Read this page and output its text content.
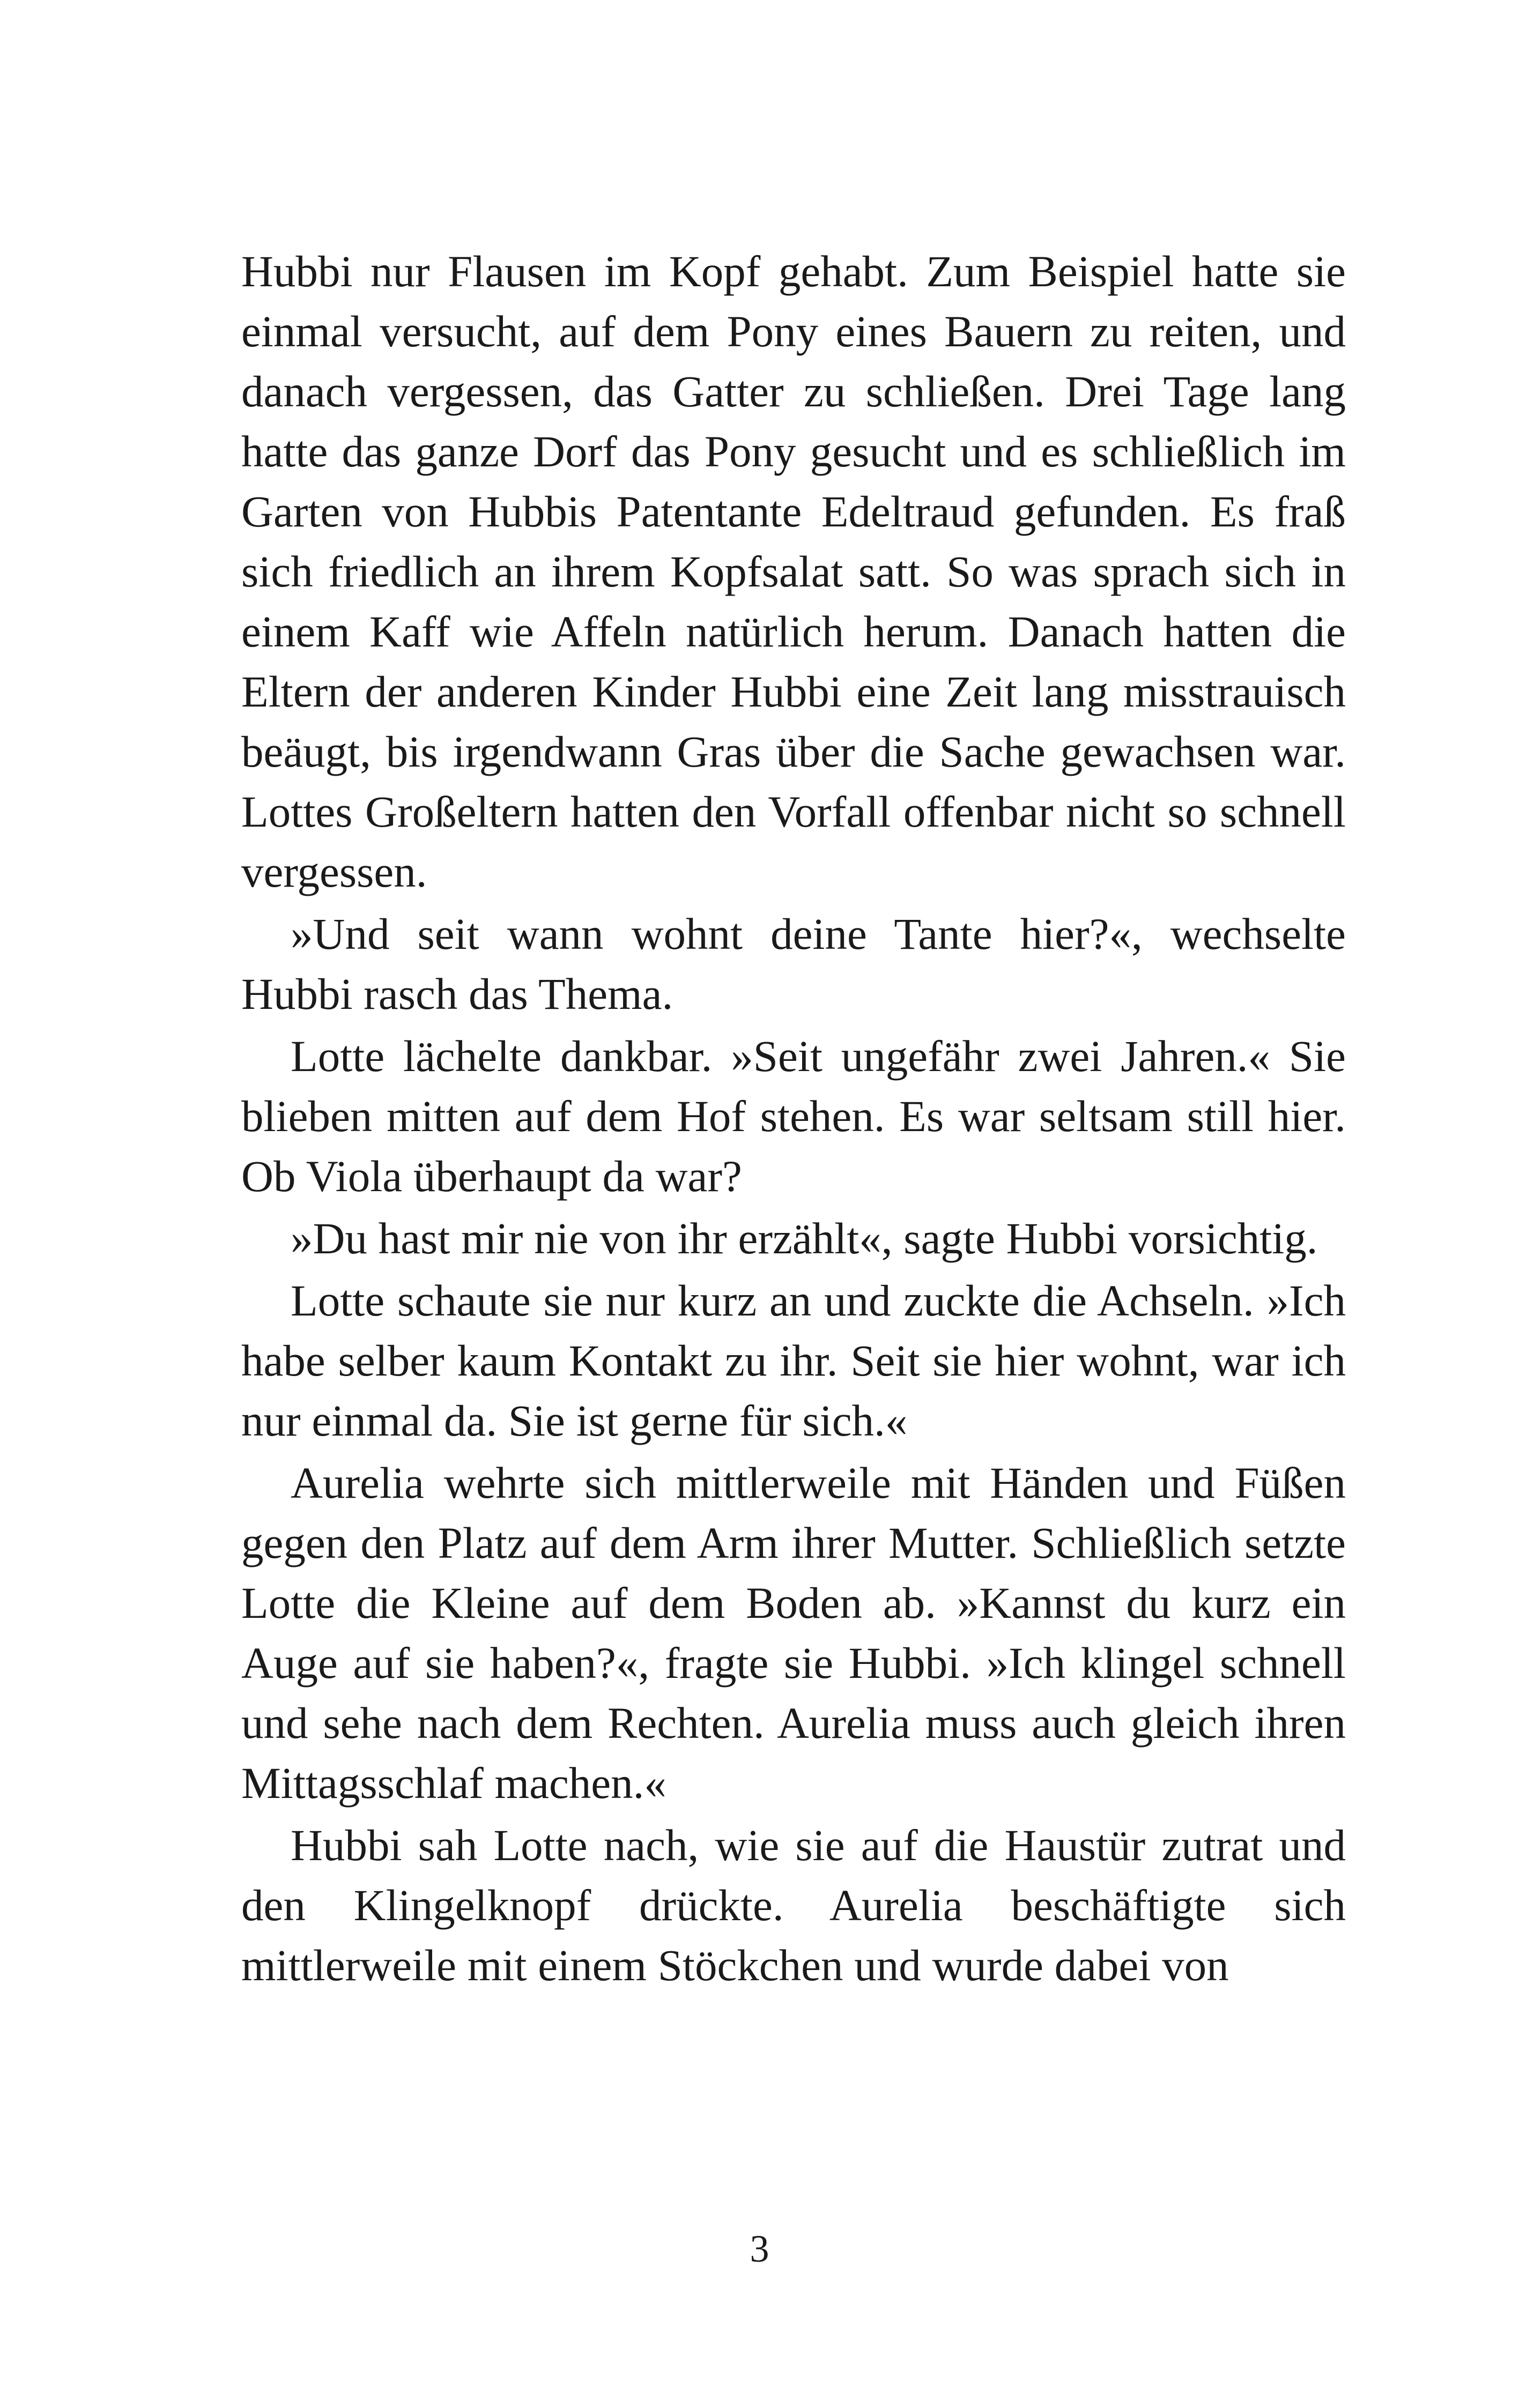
Hubbi nur Flausen im Kopf gehabt. Zum Beispiel hatte sie einmal versucht, auf dem Pony eines Bauern zu reiten, und danach vergessen, das Gatter zu schließen. Drei Tage lang hatte das ganze Dorf das Pony gesucht und es schließlich im Garten von Hubbis Patentante Edeltraud gefunden. Es fraß sich friedlich an ihrem Kopfsalat satt. So was sprach sich in einem Kaff wie Affeln natürlich herum. Danach hatten die Eltern der anderen Kinder Hubbi eine Zeit lang misstrauisch beäugt, bis irgendwann Gras über die Sache gewachsen war. Lottes Großeltern hatten den Vorfall offenbar nicht so schnell vergessen.

»Und seit wann wohnt deine Tante hier?«, wechselte Hubbi rasch das Thema.

Lotte lächelte dankbar. »Seit ungefähr zwei Jahren.« Sie blieben mitten auf dem Hof stehen. Es war seltsam still hier. Ob Viola überhaupt da war?

»Du hast mir nie von ihr erzählt«, sagte Hubbi vorsichtig.

Lotte schaute sie nur kurz an und zuckte die Achseln. »Ich habe selber kaum Kontakt zu ihr. Seit sie hier wohnt, war ich nur einmal da. Sie ist gerne für sich.«

Aurelia wehrte sich mittlerweile mit Händen und Füßen gegen den Platz auf dem Arm ihrer Mutter. Schließlich setzte Lotte die Kleine auf dem Boden ab. »Kannst du kurz ein Auge auf sie haben?«, fragte sie Hubbi. »Ich klingel schnell und sehe nach dem Rechten. Aurelia muss auch gleich ihren Mittagsschlaf machen.«

Hubbi sah Lotte nach, wie sie auf die Haustür zutrat und den Klingelknopf drückte. Aurelia beschäftigte sich mittlerweile mit einem Stöckchen und wurde dabei von

3
